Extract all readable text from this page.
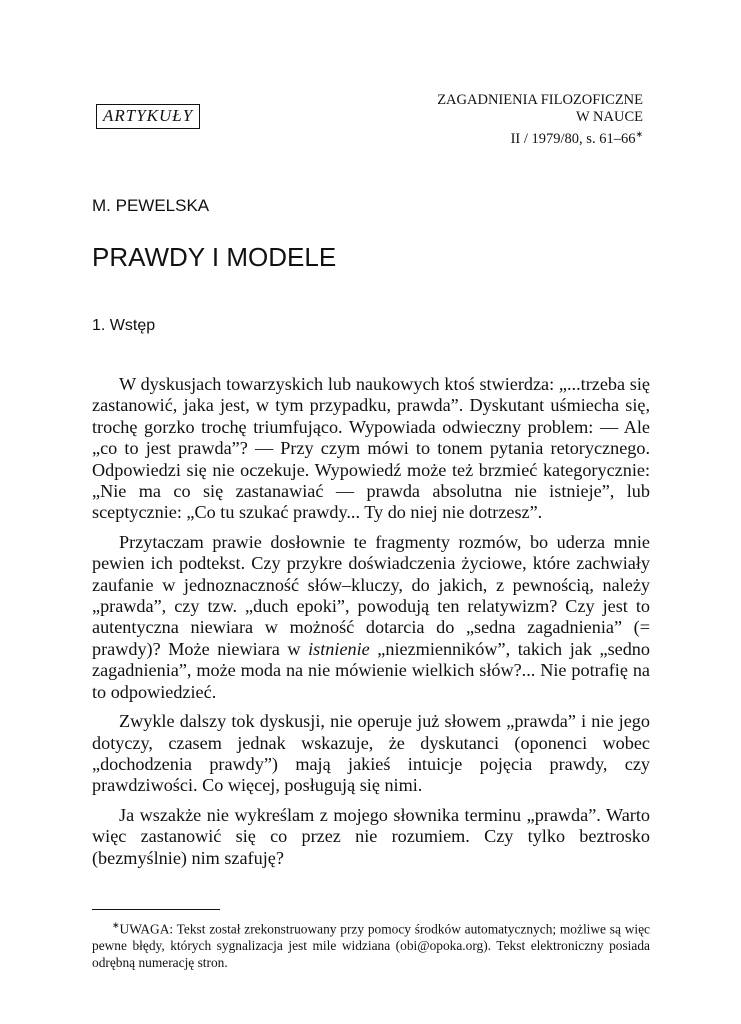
ARTYKUŁY
ZAGADNIENIA FILOZOFICZNE
W NAUCE
II / 1979/80, s. 61–66∗
M. PEWELSKA
PRAWDY I MODELE
1. Wstęp

W dyskusjach towarzyskich lub naukowych ktoś stwierdza: „...trzeba się zastanowić, jaka jest, w tym przypadku, prawda”. Dyskutant uśmiecha się, trochę gorzko trochę triumfująco. Wypowiada odwieczny problem: — Ale „co to jest prawda”? — Przy czym mówi to tonem pytania retorycznego. Odpowiedzi się nie oczekuje. Wypowiedź może też brzmieć kategorycznie: „Nie ma co się zastanawiać — prawda absolutna nie istnieje”, lub sceptycznie: „Co tu szukać prawdy... Ty do niej nie dotrzesz”.

Przytaczam prawie dosłownie te fragmenty rozmów, bo uderza mnie pewien ich podtekst. Czy przykre doświadczenia życiowe, które zachwiały zaufanie w jednoznaczność słów–kluczy, do jakich, z pewnością, należy „prawda”, czy tzw. „duch epoki”, powodują ten relatywizm? Czy jest to autentyczna niewiara w możność dotarcia do „sedna zagadnienia” (= prawdy)? Może niewiara w istnienie „niezmienników”, takich jak „sedno zagadnienia”, może moda na nie mówienie wielkich słów?... Nie potrafię na to odpowiedzieć.

Zwykle dalszy tok dyskusji, nie operuje już słowem „prawda” i nie jego dotyczy, czasem jednak wskazuje, że dyskutanci (oponenci wobec „dochodzenia prawdy”) mają jakieś intuicje pojęcia prawdy, czy prawdziwości. Co więcej, posługują się nimi.

Ja wszakże nie wykreślam z mojego słownika terminu „prawda”. Warto więc zastanowić się co przez nie rozumiem. Czy tylko beztrosko (bezmyślnie) nim szafuję?

∗UWAGA: Tekst został zrekonstruowany przy pomocy środków automatycznych; możliwe są więc pewne błędy, których sygnalizacja jest mile widziana (obi@opoka.org). Tekst elektroniczny posiada odrębną numerację stron.
